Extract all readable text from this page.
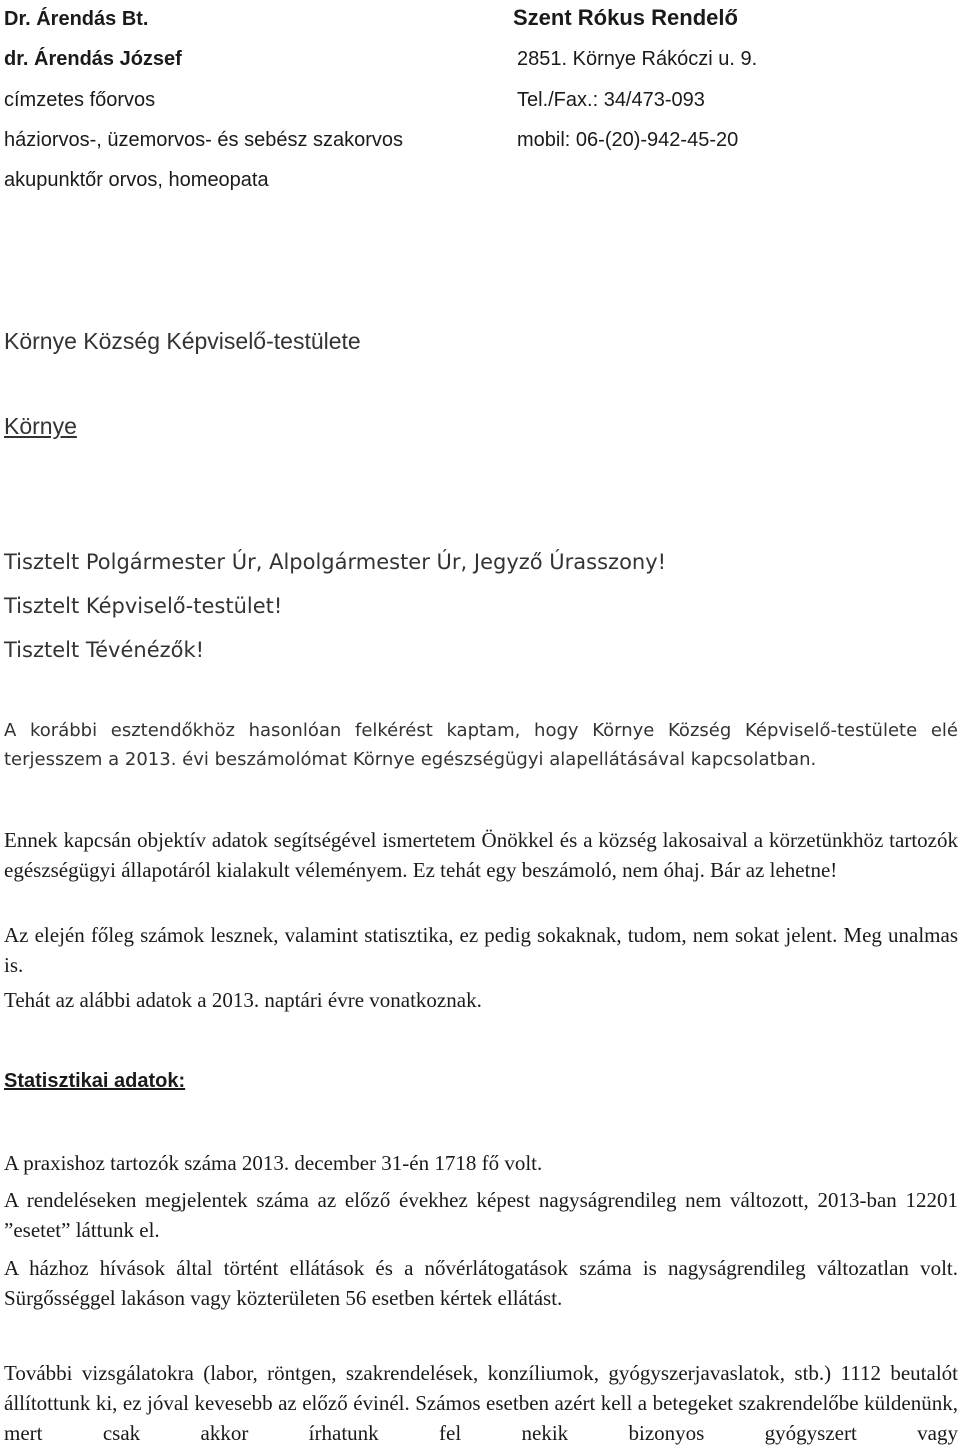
Dr. Árendás Bt.
dr. Árendás József
címzetes főorvos
háziorvos-, üzemorvos- és sebész szakorvos
akupunktőr orvos, homeopata
Szent Rókus Rendelő
2851. Környe Rákóczi u. 9.
Tel./Fax.: 34/473-093
mobil: 06-(20)-942-45-20
Környe Község Képviselő-testülete
Környe
Tisztelt Polgármester Úr, Alpolgármester Úr, Jegyző Úrasszony!
Tisztelt Képviselő-testület!
Tisztelt Tévénézők!

A korábbi esztendőkhöz hasonlóan felkérést kaptam, hogy Környe Község Képviselő-testülete elé terjesszem a 2013. évi beszámolómat Környe egészségügyi alapellátásával kapcsolatban.

Ennek kapcsán objektív adatok segítségével ismertetem Önökkel és a község lakosaival a körzetünkhöz tartozók egészségügyi állapotáról kialakult véleményem. Ez tehát egy beszámoló, nem óhaj. Bár az lehetne!

Az elején főleg számok lesznek, valamint statisztika, ez pedig sokaknak, tudom, nem sokat jelent. Meg unalmas is.

Tehát az alábbi adatok a 2013. naptári évre vonatkoznak.

Statisztikai adatok:

A praxishoz tartozók száma 2013. december 31-én 1718 fő volt.

A rendeléseken megjelentek száma az előző évekhez képest nagyságrendileg nem változott, 2013-ban 12201 ”esetet” láttunk el.

A házhoz hívások által történt ellátások és a nővérlátogatások száma is nagyságrendileg változatlan volt. Sürgősséggel lakáson vagy közterületen 56 esetben kértek ellátást.

További vizsgálatokra (labor, röntgen, szakrendelések, konzíliumok, gyógyszerjavaslatok, stb.) 1112 beutalót állítottunk ki, ez jóval kevesebb az előző évinél. Számos esetben azért kell a betegeket szakrendelőbe küldenünk, mert csak akkor írhatunk fel nekik bizonyos gyógyszert vagy
